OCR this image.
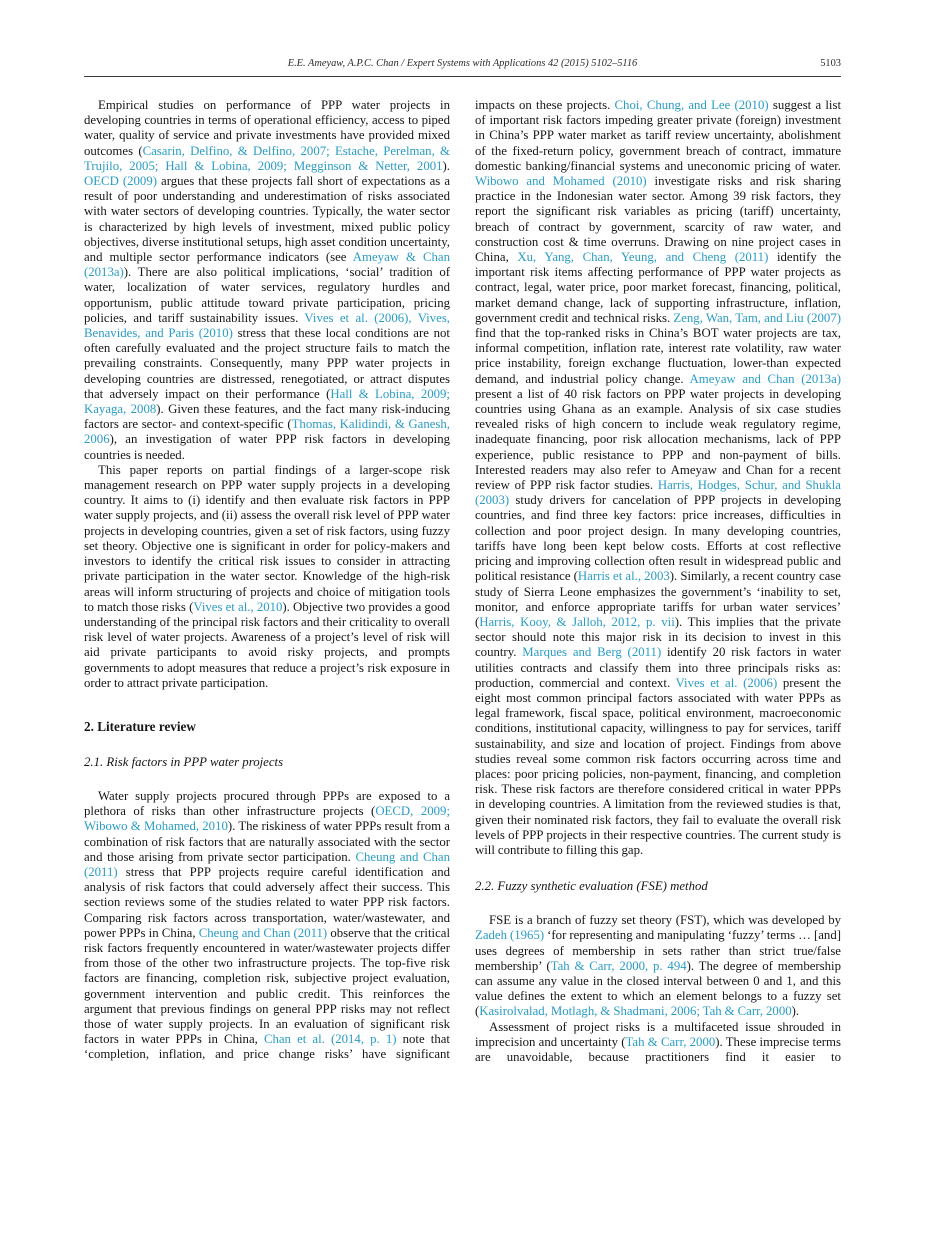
E.E. Ameyaw, A.P.C. Chan / Expert Systems with Applications 42 (2015) 5102–5116	5103

Empirical studies on performance of PPP water projects in developing countries in terms of operational efficiency, access to piped water, quality of service and private investments have provided mixed outcomes (Casarin, Delfino, & Delfino, 2007; Estache, Perelman, & Trujilo, 2005; Hall & Lobina, 2009; Megginson & Netter, 2001). OECD (2009) argues that these projects fall short of expectations as a result of poor understanding and underestimation of risks associated with water sectors of developing countries. Typically, the water sector is characterized by high levels of investment, mixed public policy objectives, diverse institutional setups, high asset condition uncertainty, and multiple sector performance indicators (see Ameyaw & Chan (2013a)). There are also political implications, ‘social’ tradition of water, localization of water services, regulatory hurdles and opportunism, public attitude toward private participation, pricing policies, and tariff sustainability issues. Vives et al. (2006), Vives, Benavides, and Paris (2010) stress that these local conditions are not often carefully evaluated and the project structure fails to match the prevailing constraints. Consequently, many PPP water projects in developing countries are distressed, renegotiated, or attract disputes that adversely impact on their performance (Hall & Lobina, 2009; Kayaga, 2008). Given these features, and the fact many risk-inducing factors are sector- and context-specific (Thomas, Kalidindi, & Ganesh, 2006), an investigation of water PPP risk factors in developing countries is needed.

This paper reports on partial findings of a larger-scope risk management research on PPP water supply projects in a developing country. It aims to (i) identify and then evaluate risk factors in PPP water supply projects, and (ii) assess the overall risk level of PPP water projects in developing countries, given a set of risk factors, using fuzzy set theory. Objective one is significant in order for policy-makers and investors to identify the critical risk issues to consider in attracting private participation in the water sector. Knowledge of the high-risk areas will inform structuring of projects and choice of mitigation tools to match those risks (Vives et al., 2010). Objective two provides a good understanding of the principal risk factors and their criticality to overall risk level of water projects. Awareness of a project’s level of risk will aid private participants to avoid risky projects, and prompts governments to adopt measures that reduce a project’s risk exposure in order to attract private participation.

2. Literature review
2.1. Risk factors in PPP water projects

Water supply projects procured through PPPs are exposed to a plethora of risks than other infrastructure projects (OECD, 2009; Wibowo & Mohamed, 2010). The riskiness of water PPPs result from a combination of risk factors that are naturally associated with the sector and those arising from private sector participation. Cheung and Chan (2011) stress that PPP projects require careful identification and analysis of risk factors that could adversely affect their success. This section reviews some of the studies related to water PPP risk factors. Comparing risk factors across transportation, water/wastewater, and power PPPs in China, Cheung and Chan (2011) observe that the critical risk factors frequently encountered in water/wastewater projects differ from those of the other two infrastructure projects. The top-five risk factors are financing, completion risk, subjective project evaluation, government intervention and public credit. This reinforces the argument that previous findings on general PPP risks may not reflect those of water supply projects. In an evaluation of significant risk factors in water PPPs in China, Chan et al. (2014, p. 1) note that ‘completion, inflation, and price change risks’ have significant

impacts on these projects. Choi, Chung, and Lee (2010) suggest a list of important risk factors impeding greater private (foreign) investment in China’s PPP water market as tariff review uncertainty, abolishment of the fixed-return policy, government breach of contract, immature domestic banking/financial systems and uneconomic pricing of water. Wibowo and Mohamed (2010) investigate risks and risk sharing practice in the Indonesian water sector. Among 39 risk factors, they report the significant risk variables as pricing (tariff) uncertainty, breach of contract by government, scarcity of raw water, and construction cost & time overruns. Drawing on nine project cases in China, Xu, Yang, Chan, Yeung, and Cheng (2011) identify the important risk items affecting performance of PPP water projects as contract, legal, water price, poor market forecast, financing, political, market demand change, lack of supporting infrastructure, inflation, government credit and technical risks. Zeng, Wan, Tam, and Liu (2007) find that the top-ranked risks in China’s BOT water projects are tax, informal competition, inflation rate, interest rate volatility, raw water price instability, foreign exchange fluctuation, lower-than expected demand, and industrial policy change. Ameyaw and Chan (2013a) present a list of 40 risk factors on PPP water projects in developing countries using Ghana as an example. Analysis of six case studies revealed risks of high concern to include weak regulatory regime, inadequate financing, poor risk allocation mechanisms, lack of PPP experience, public resistance to PPP and non-payment of bills. Interested readers may also refer to Ameyaw and Chan for a recent review of PPP risk factor studies. Harris, Hodges, Schur, and Shukla (2003) study drivers for cancelation of PPP projects in developing countries, and find three key factors: price increases, difficulties in collection and poor project design. In many developing countries, tariffs have long been kept below costs. Efforts at cost reflective pricing and improving collection often result in widespread public and political resistance (Harris et al., 2003). Similarly, a recent country case study of Sierra Leone emphasizes the government’s ‘inability to set, monitor, and enforce appropriate tariffs for urban water services’ (Harris, Kooy, & Jalloh, 2012, p. vii). This implies that the private sector should note this major risk in its decision to invest in this country. Marques and Berg (2011) identify 20 risk factors in water utilities contracts and classify them into three principals risks as: production, commercial and context. Vives et al. (2006) present the eight most common principal factors associated with water PPPs as legal framework, fiscal space, political environment, macroeconomic conditions, institutional capacity, willingness to pay for services, tariff sustainability, and size and location of project. Findings from above studies reveal some common risk factors occurring across time and places: poor pricing policies, non-payment, financing, and completion risk. These risk factors are therefore considered critical in water PPPs in developing countries. A limitation from the reviewed studies is that, given their nominated risk factors, they fail to evaluate the overall risk levels of PPP projects in their respective countries. The current study is will contribute to filling this gap.

2.2. Fuzzy synthetic evaluation (FSE) method

FSE is a branch of fuzzy set theory (FST), which was developed by Zadeh (1965) ‘for representing and manipulating ‘fuzzy’ terms … [and] uses degrees of membership in sets rather than strict true/false membership’ (Tah & Carr, 2000, p. 494). The degree of membership can assume any value in the closed interval between 0 and 1, and this value defines the extent to which an element belongs to a fuzzy set (Kasirolvalad, Motlagh, & Shadmani, 2006; Tah & Carr, 2000).

Assessment of project risks is a multifaceted issue shrouded in imprecision and uncertainty (Tah & Carr, 2000). These imprecise terms are unavoidable, because practitioners find it easier to
